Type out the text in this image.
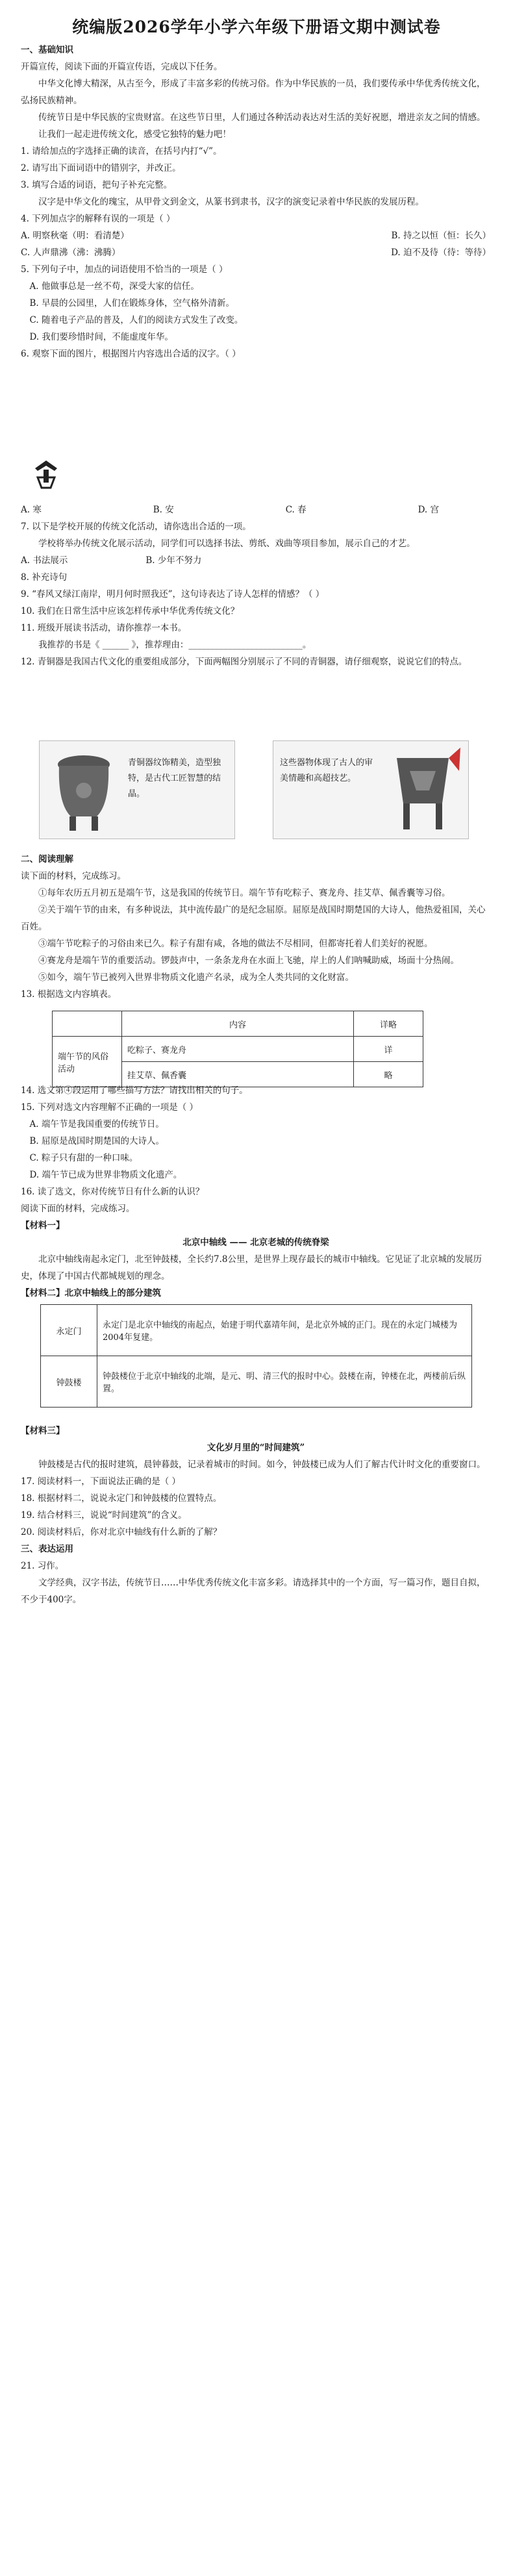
统编版2026学年小学六年级下册语文期中测试卷

一、基础知识

开篇宣传，阅读下面的开篇宣传语，完成以下任务。

中华文化博大精深，从古至今，形成了丰富多彩的传统习俗。作为中华民族的一员，我们要传承中华优秀传统文化，弘扬民族精神。

传统节日是中华民族的宝贵财富。在这些节日里，人们通过各种活动表达对生活的美好祝愿，增进亲友之间的情感。

让我们一起走进传统文化，感受它独特的魅力吧！

1. 请给加点的字选择正确的读音，在括号内打“√”。

2. 请写出下面词语中的错别字，并改正。

3. 填写合适的词语，把句子补充完整。

汉字是中华文化的瑰宝，从甲骨文到金文，从篆书到隶书，汉字的演变记录着中华民族的发展历程。

4. 下列加点字的解释有误的一项是（ ）

A. 明察秋毫（明：看清楚）	B. 持之以恒（恒：长久）

C. 人声鼎沸（沸：沸腾）	D. 迫不及待（待：等待）

5. 下列句子中，加点的词语使用不恰当的一项是（ ）

A. 他做事总是一丝不苟，深受大家的信任。

B. 早晨的公园里，人们在锻炼身体，空气格外清新。

C. 随着电子产品的普及，人们的阅读方式发生了改变。

D. 我们要珍惜时间，不能虚度年华。

6. 观察下面的图片，根据图片内容选出合适的汉字。（ ）

A. 寒	B. 安	C. 春	D. 宫

7. 以下是学校开展的传统文化活动，请你选出合适的一项。

学校将举办传统文化展示活动，同学们可以选择书法、剪纸、戏曲等项目参加，展示自己的才艺。

A. 书法展示	B. 少年不努力

8. 补充诗句

9. “春风又绿江南岸，明月何时照我还”，这句诗表达了诗人怎样的情感？（ ）

10. 我们在日常生活中应该怎样传承中华优秀传统文化？

11. 班级开展读书活动，请你推荐一本书。

我推荐的书是《 ______ 》，推荐理由：__________________________。

12. 青铜器是我国古代文化的重要组成部分，下面两幅图分别展示了不同的青铜器，请仔细观察，说说它们的特点。

青铜器纹饰精美，造型独特，是古代工匠智慧的结晶。
这些器物体现了古人的审美情趣和高超技艺。

二、阅读理解

读下面的材料，完成练习。

①每年农历五月初五是端午节，这是我国的传统节日。端午节有吃粽子、赛龙舟、挂艾草、佩香囊等习俗。

②关于端午节的由来，有多种说法，其中流传最广的是纪念屈原。屈原是战国时期楚国的大诗人，他热爱祖国，关心百姓。

③端午节吃粽子的习俗由来已久。粽子有甜有咸，各地的做法不尽相同，但都寄托着人们美好的祝愿。

④赛龙舟是端午节的重要活动。锣鼓声中，一条条龙舟在水面上飞驰，岸上的人们呐喊助威，场面十分热闹。

⑤如今，端午节已被列入世界非物质文化遗产名录，成为全人类共同的文化财富。

13. 根据选文内容填表。

	内容	详略
端午节的风俗活动	吃粽子、赛龙舟	详
	挂艾草、佩香囊	略

14. 选文第④段运用了哪些描写方法？请找出相关的句子。

15. 下列对选文内容理解不正确的一项是（ ）

A. 端午节是我国重要的传统节日。

B. 屈原是战国时期楚国的大诗人。

C. 粽子只有甜的一种口味。

D. 端午节已成为世界非物质文化遗产。

16. 读了选文，你对传统节日有什么新的认识？

阅读下面的材料，完成练习。

【材料一】

北京中轴线 —— 北京老城的传统脊梁

北京中轴线南起永定门，北至钟鼓楼，全长约7.8公里，是世界上现存最长的城市中轴线。它见证了北京城的发展历史，体现了中国古代都城规划的理念。

【材料二】北京中轴线上的部分建筑

永定门	永定门是北京中轴线的南起点，始建于明代嘉靖年间，是北京外城的正门。现在的永定门城楼为2004年复建。
钟鼓楼	钟鼓楼位于北京中轴线的北端，是元、明、清三代的报时中心。鼓楼在南，钟楼在北，两楼前后纵置。

【材料三】

文化岁月里的“时间建筑”

钟鼓楼是古代的报时建筑，晨钟暮鼓，记录着城市的时间。如今，钟鼓楼已成为人们了解古代计时文化的重要窗口。

17. 阅读材料一，下面说法正确的是（ ）

18. 根据材料二，说说永定门和钟鼓楼的位置特点。

19. 结合材料三，说说“时间建筑”的含义。

20. 阅读材料后，你对北京中轴线有什么新的了解？

三、表达运用

21. 习作。

文学经典，汉字书法，传统节日……中华优秀传统文化丰富多彩。请选择其中的一个方面，写一篇习作，题目自拟，不少于400字。
